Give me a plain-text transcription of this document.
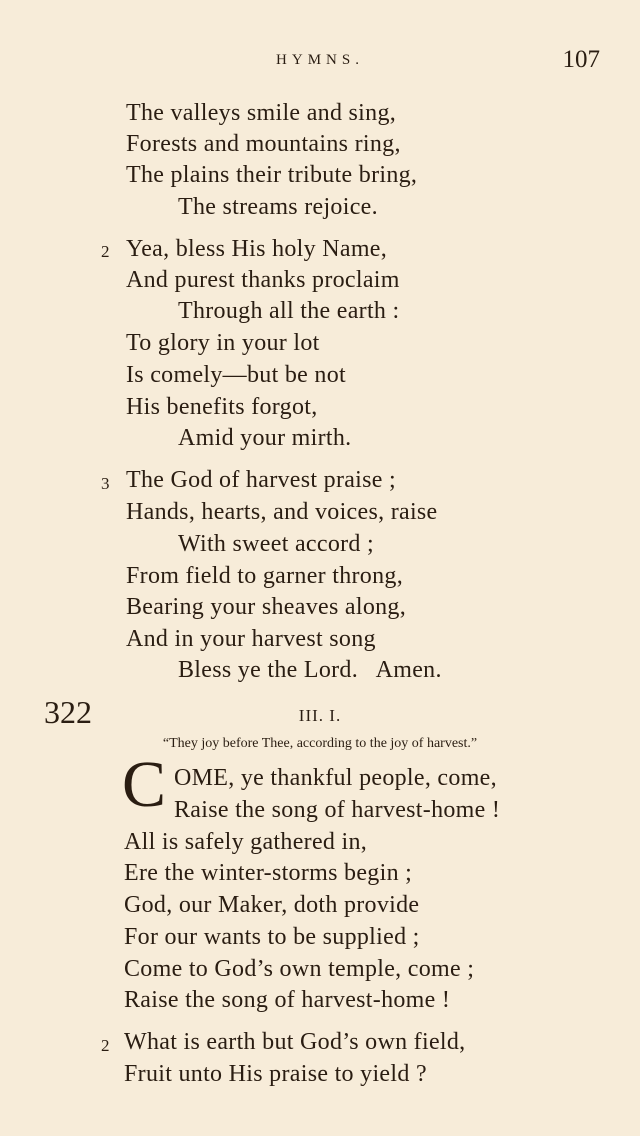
HYMNS.	107
The valleys smile and sing,
Forests and mountains ring,
The plains their tribute bring,
The streams rejoice.
2 Yea, bless His holy Name,
And purest thanks proclaim
Through all the earth :
To glory in your lot
Is comely—but be not
His benefits forgot,
Amid your mirth.
3 The God of harvest praise ;
Hands, hearts, and voices, raise
With sweet accord ;
From field to garner throng,
Bearing your sheaves along,
And in your harvest song
Bless ye the Lord.   Amen.
322	III. I.
“They joy before Thee, according to the joy of harvest.”
C OME, ye thankful people, come,
Raise the song of harvest-home !
All is safely gathered in,
Ere the winter-storms begin ;
God, our Maker, doth provide
For our wants to be supplied ;
Come to God’s own temple, come ;
Raise the song of harvest-home !
2 What is earth but God’s own field,
Fruit unto His praise to yield ?
